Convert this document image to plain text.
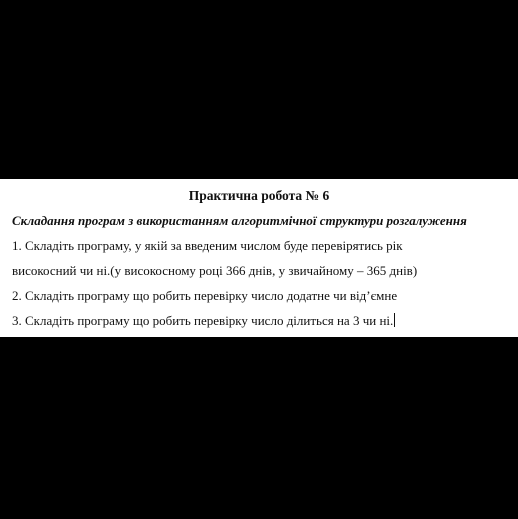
Практична робота № 6
Складання програм з використанням алгоритмічної структури розгалуження
1. Складіть програму, у якій за введеним числом буде перевірятись рік
високосний чи ні.(у високосному році 366 днів, у звичайному – 365 днів)
2. Складіть програму що робить перевірку число додатне чи від’ємне
3. Складіть програму що робить перевірку число ділиться на 3 чи ні.
